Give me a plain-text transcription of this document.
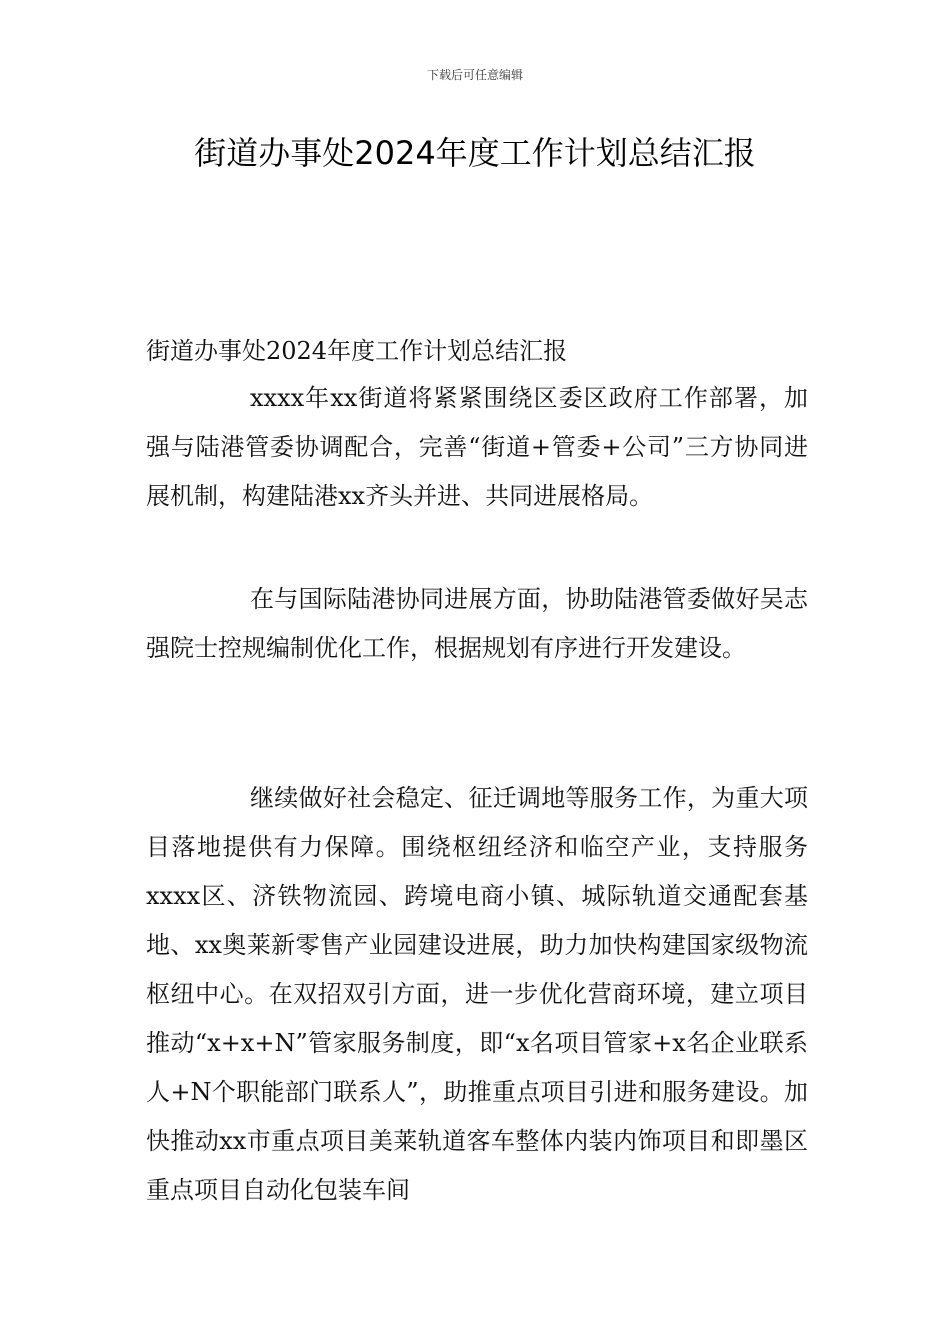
下载后可任意编辑
街道办事处2024年度工作计划总结汇报

街道办事处2024年度工作计划总结汇报

xxxx年xx街道将紧紧围绕区委区政府工作部署，加强与陆港管委协调配合，完善“街道+管委+公司”三方协同进展机制，构建陆港xx齐头并进、共同进展格局。

在与国际陆港协同进展方面，协助陆港管委做好吴志强院士控规编制优化工作，根据规划有序进行开发建设。

继续做好社会稳定、征迁调地等服务工作，为重大项目落地提供有力保障。围绕枢纽经济和临空产业，支持服务xxxx区、济铁物流园、跨境电商小镇、城际轨道交通配套基地、xx奥莱新零售产业园建设进展，助力加快构建国家级物流枢纽中心。在双招双引方面，进一步优化营商环境，建立项目推动“x+x+N”管家服务制度，即“x名项目管家+x名企业联系人+N个职能部门联系人”，助推重点项目引进和服务建设。加快推动xx市重点项目美莱轨道客车整体内装内饰项目和即墨区重点项目自动化包装车间
